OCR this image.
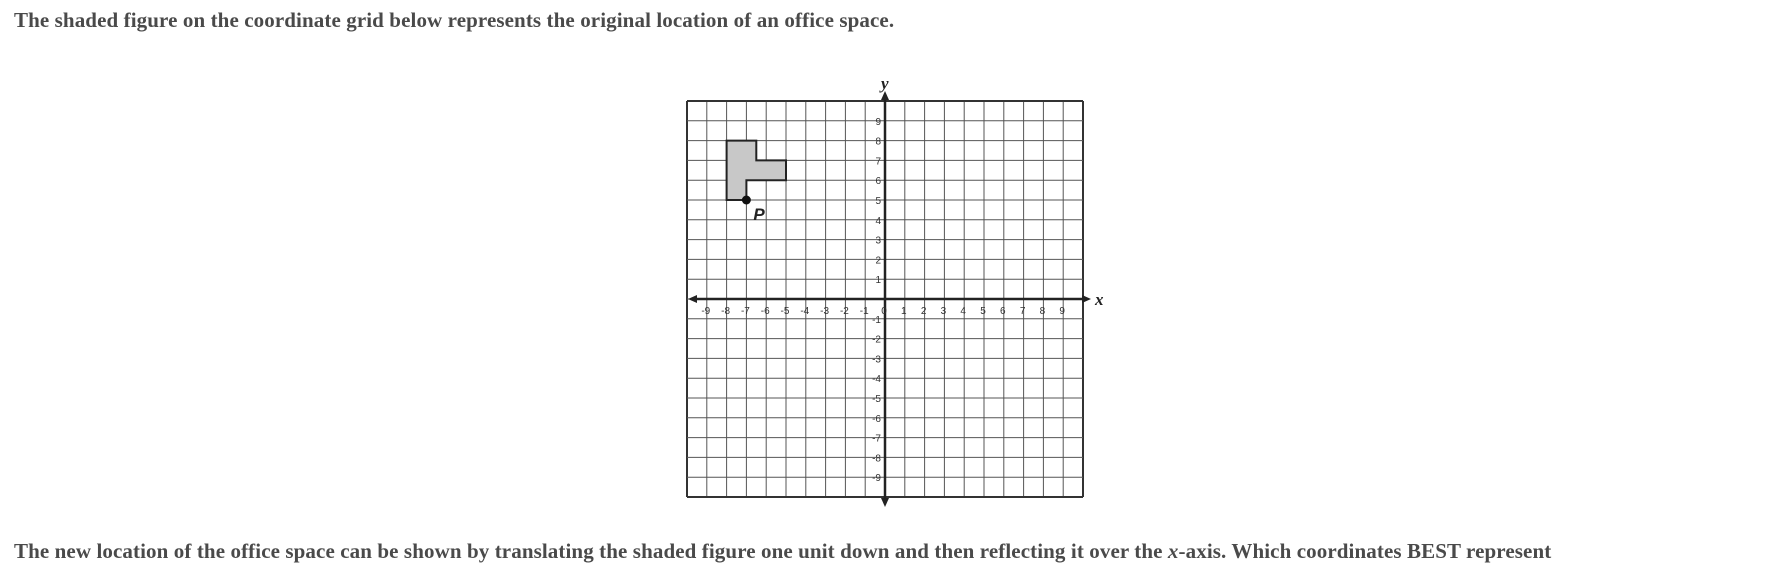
The shaded figure on the coordinate grid below represents the original location of an office space.

-9 -8 -7 -6 -5 -4 -3 -2 -1 0 1 2 3 4 5 6 7 8 9
9
8
7
6
5
4
3
2
1
-1
-2
-3
-4
-5
-6
-7
-8
-9
x
y
P

The new location of the office space can be shown by translating the shaded figure one unit down and then reflecting it over the x-axis. Which coordinates BEST represent
